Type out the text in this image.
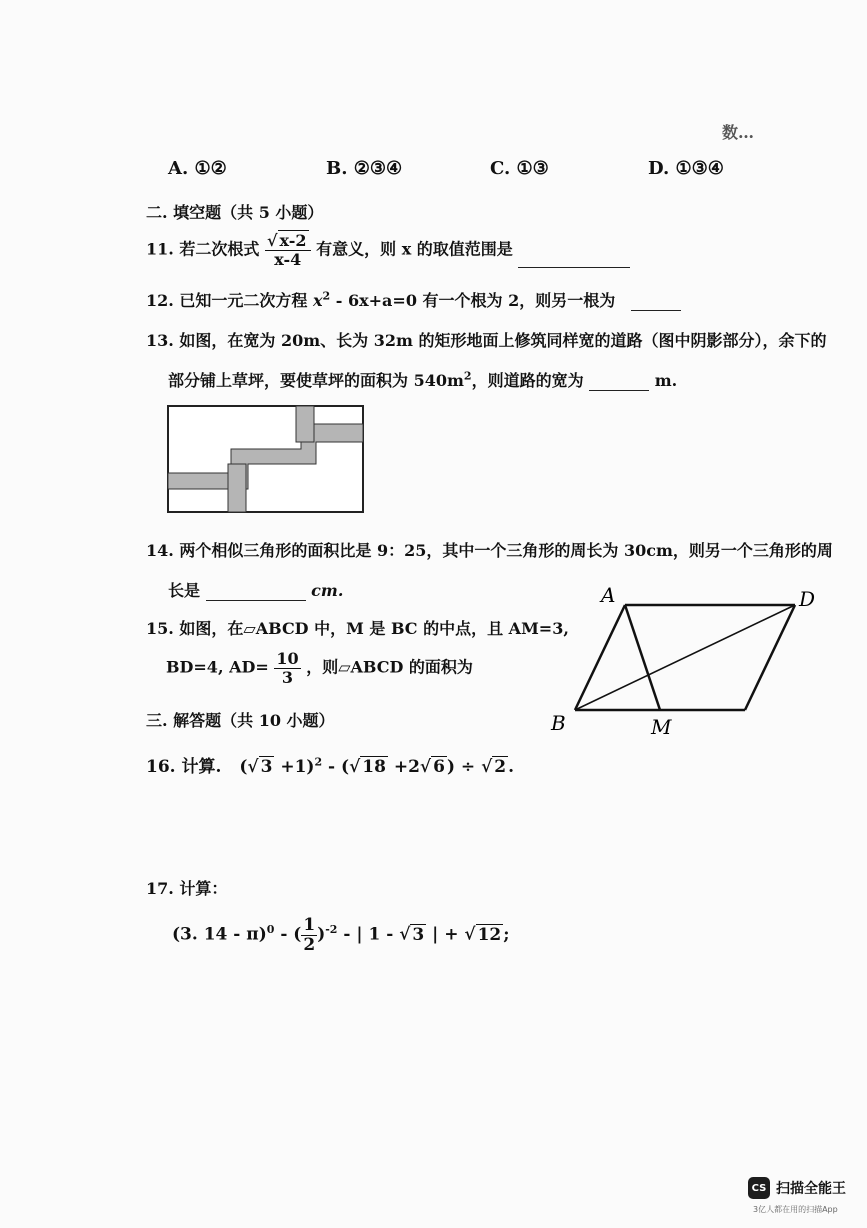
数…
A. ①②	B. ②③④	C. ①③	D. ①③④
二. 填空题（共 5 小题）
11. 若二次根式 $\frac{√ x-2}{x-4}$ 有意义，则 x 的取值范围是
12. 已知一元二次方程 $x^2 - 6x+a=0$ 有一个根为 2，则另一根为
13. 如图，在宽为 20m、长为 32m 的矩形地面上修筑同样宽的道路（图中阴影部分），余下的
部分铺上草坪，要使草坪的面积为 $540m^2$，则道路的宽为	m.
14. 两个相似三角形的面积比是 9：25，其中一个三角形的周长为 30cm，则另一个三角形的周
长是	cm.
15. 如图，在▱ABCD 中，M 是 BC 的中点，且 AM=3,
BD=4, $AD= \frac{10}{3}$ ，则▱ABCD 的面积为
A
B	M
D
三. 解答题（共 10 小题）
16. 计算. (√ 3 +1)$^2$ - (√ 18 +2√ 6 ) ÷ √ 2 .
17. 计算：
(3. 14 - π)$^0$ - ( $\frac{1}{2} )^{-2}$ - | 1 - √ 3 | + √ 12 ;
CS 扫描全能王
3亿人都在用的扫描App
